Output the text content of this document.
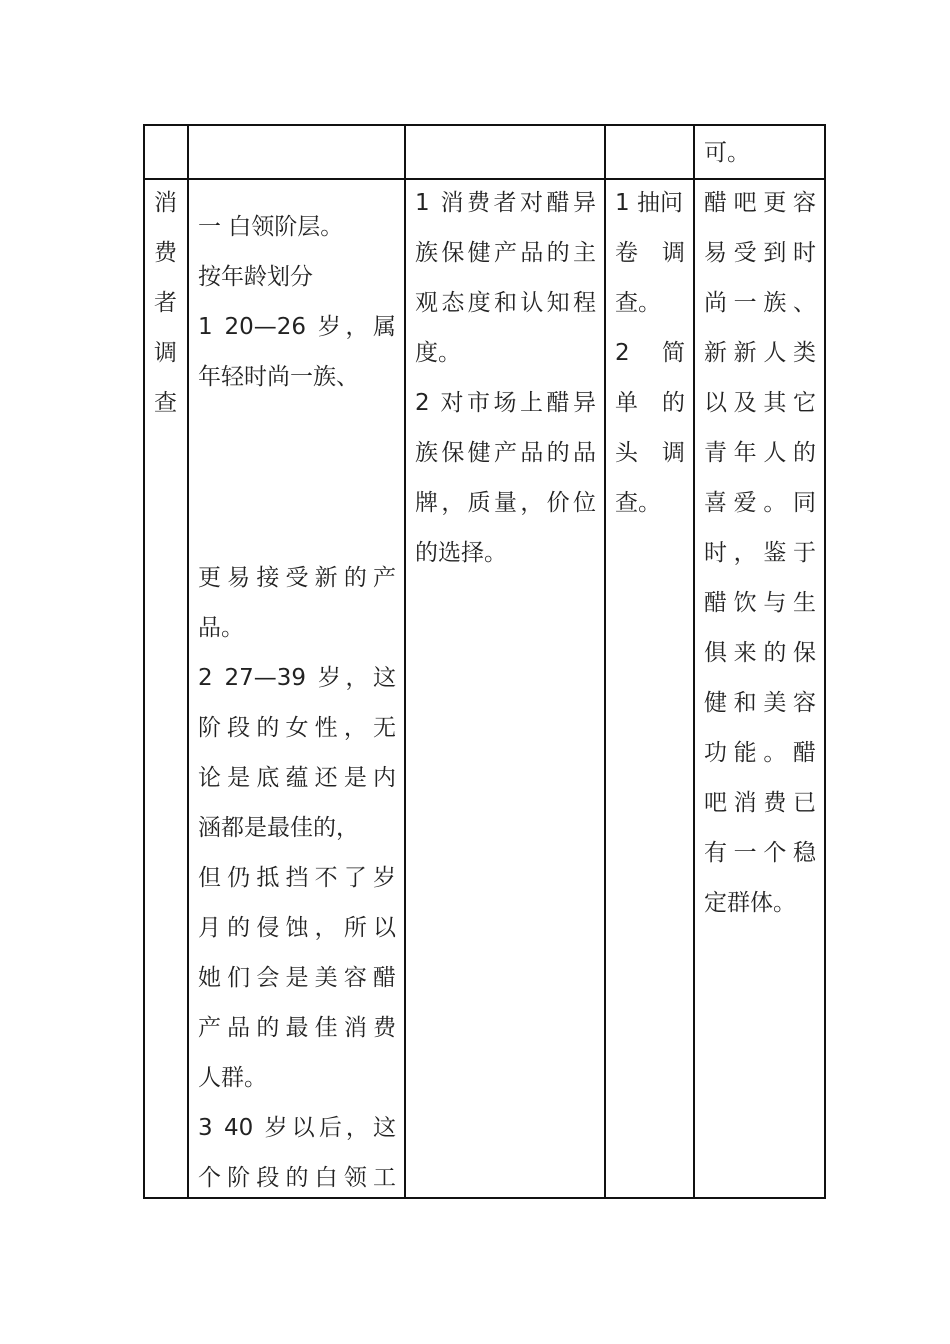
可。
消
费
者
调
查
一 白领阶层。
按年龄划分
1 20—26 岁，属
年轻时尚一族、
更易接受新的产
品。
2 27—39 岁，这
阶段的女性，无
论是底蕴还是内
涵都是最佳的，
但仍抵挡不了岁
月的侵蚀，所以
她们会是美容醋
产品的最佳消费
人群。
3 40 岁以后，这
个阶段的白领工
1 消费者对醋异
族保健产品的主
观态度和认知程
度。
2 对市场上醋异
族保健产品的品
牌，质量，价位
的选择。
1 抽问
卷 调
查。
2 简
单 的
头 调
查。
醋吧更容
易受到时
尚一族、
新新人类
以及其它
青年人的
喜爱。同
时，鉴于
醋饮与生
俱来的保
健和美容
功能。醋
吧消费已
有一个稳
定群体。
